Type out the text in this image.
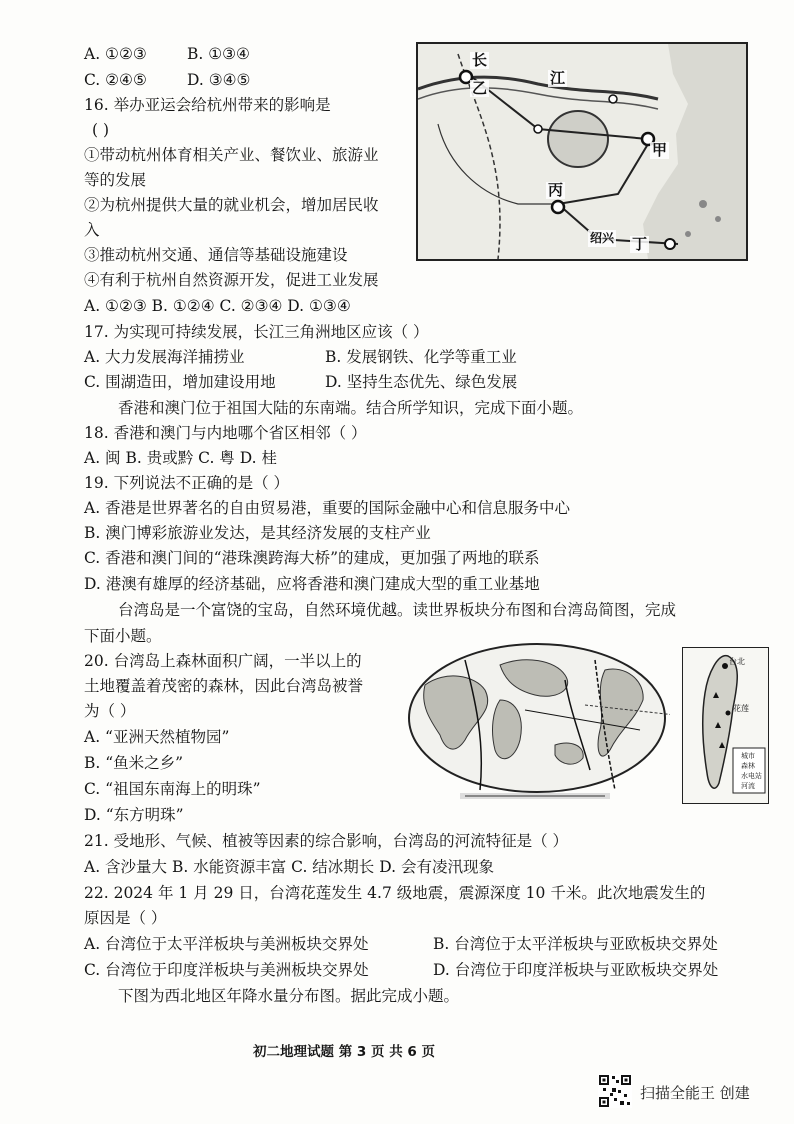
A. ①②③	B. ①③④
C. ②④⑤	D. ③④⑤
16. 举办亚运会给杭州带来的影响是
( )
①带动杭州体育相关产业、餐饮业、旅游业
等的发展
②为杭州提供大量的就业机会，增加居民收
入
③推动杭州交通、通信等基础设施建设
④有利于杭州自然资源开发，促进工业发展
A. ①②③ B. ①②④ C. ②③④ D. ①③④
长
乙
江
甲
丙
绍兴 丁
17. 为实现可持续发展，长江三角洲地区应该（ ）
A. 大力发展海洋捕捞业	B. 发展钢铁、化学等重工业
C. 围湖造田，增加建设用地	D. 坚持生态优先、绿色发展
香港和澳门位于祖国大陆的东南端。结合所学知识，完成下面小题。
18. 香港和澳门与内地哪个省区相邻（ ）
A. 闽 B. 贵或黔 C. 粤 D. 桂
19. 下列说法不正确的是（ ）
A. 香港是世界著名的自由贸易港，重要的国际金融中心和信息服务中心
B. 澳门博彩旅游业发达，是其经济发展的支柱产业
C. 香港和澳门间的“港珠澳跨海大桥”的建成，更加强了两地的联系
D. 港澳有雄厚的经济基础，应将香港和澳门建成大型的重工业基地
台湾岛是一个富饶的宝岛，自然环境优越。读世界板块分布图和台湾岛简图，完成
下面小题。
20. 台湾岛上森林面积广阔，一半以上的
土地覆盖着茂密的森林，因此台湾岛被誉
为（ ）
A. “亚洲天然植物园”
B. “鱼米之乡”
C. “祖国东南海上的明珠”
D. “东方明珠”
台北
花莲
城市
森林
水电站
河流
21. 受地形、气候、植被等因素的综合影响，台湾岛的河流特征是（ ）
A. 含沙量大 B. 水能资源丰富 C. 结冰期长 D. 会有凌汛现象
22. 2024 年 1 月 29 日，台湾花莲发生 4.7 级地震，震源深度 10 千米。此次地震发生的
原因是（ ）
A. 台湾位于太平洋板块与美洲板块交界处	B. 台湾位于太平洋板块与亚欧板块交界处
C. 台湾位于印度洋板块与美洲板块交界处	D. 台湾位于印度洋板块与亚欧板块交界处
下图为西北地区年降水量分布图。据此完成小题。
初二地理试题 第 3 页 共 6 页
扫描全能王 创建
